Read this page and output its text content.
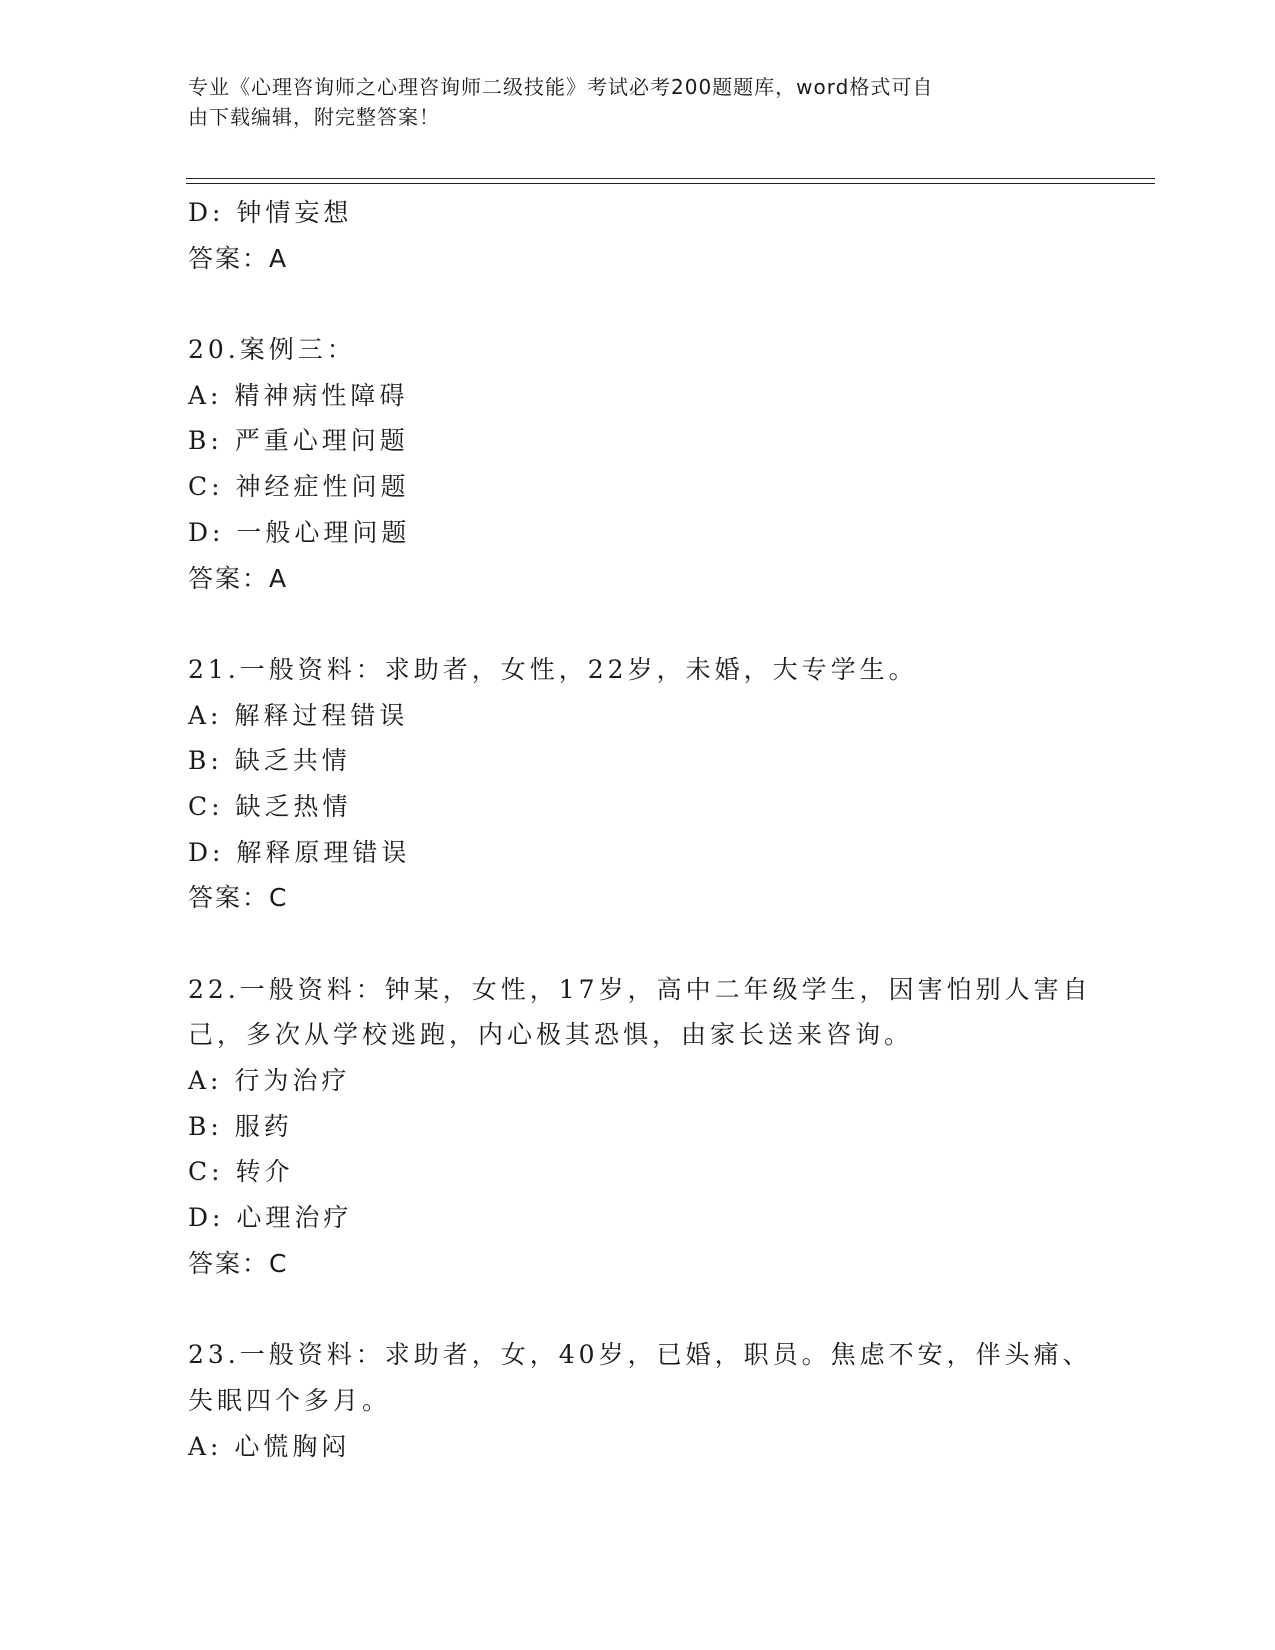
专业《心理咨询师之心理咨询师二级技能》考试必考200题题库，word格式可自
由下载编辑，附完整答案！
D: 钟情妄想
答案：A
20.案例三：
A: 精神病性障碍
B: 严重心理问题
C: 神经症性问题
D: 一般心理问题
答案：A
21.一般资料：求助者，女性，22岁，未婚，大专学生。
A: 解释过程错误
B: 缺乏共情
C: 缺乏热情
D: 解释原理错误
答案：C
22.一般资料：钟某，女性，17岁，高中二年级学生，因害怕别人害自
己，多次从学校逃跑，内心极其恐惧，由家长送来咨询。
A: 行为治疗
B: 服药
C: 转介
D: 心理治疗
答案：C
23.一般资料：求助者，女，40岁，已婚，职员。焦虑不安，伴头痛、
失眠四个多月。
A: 心慌胸闷
